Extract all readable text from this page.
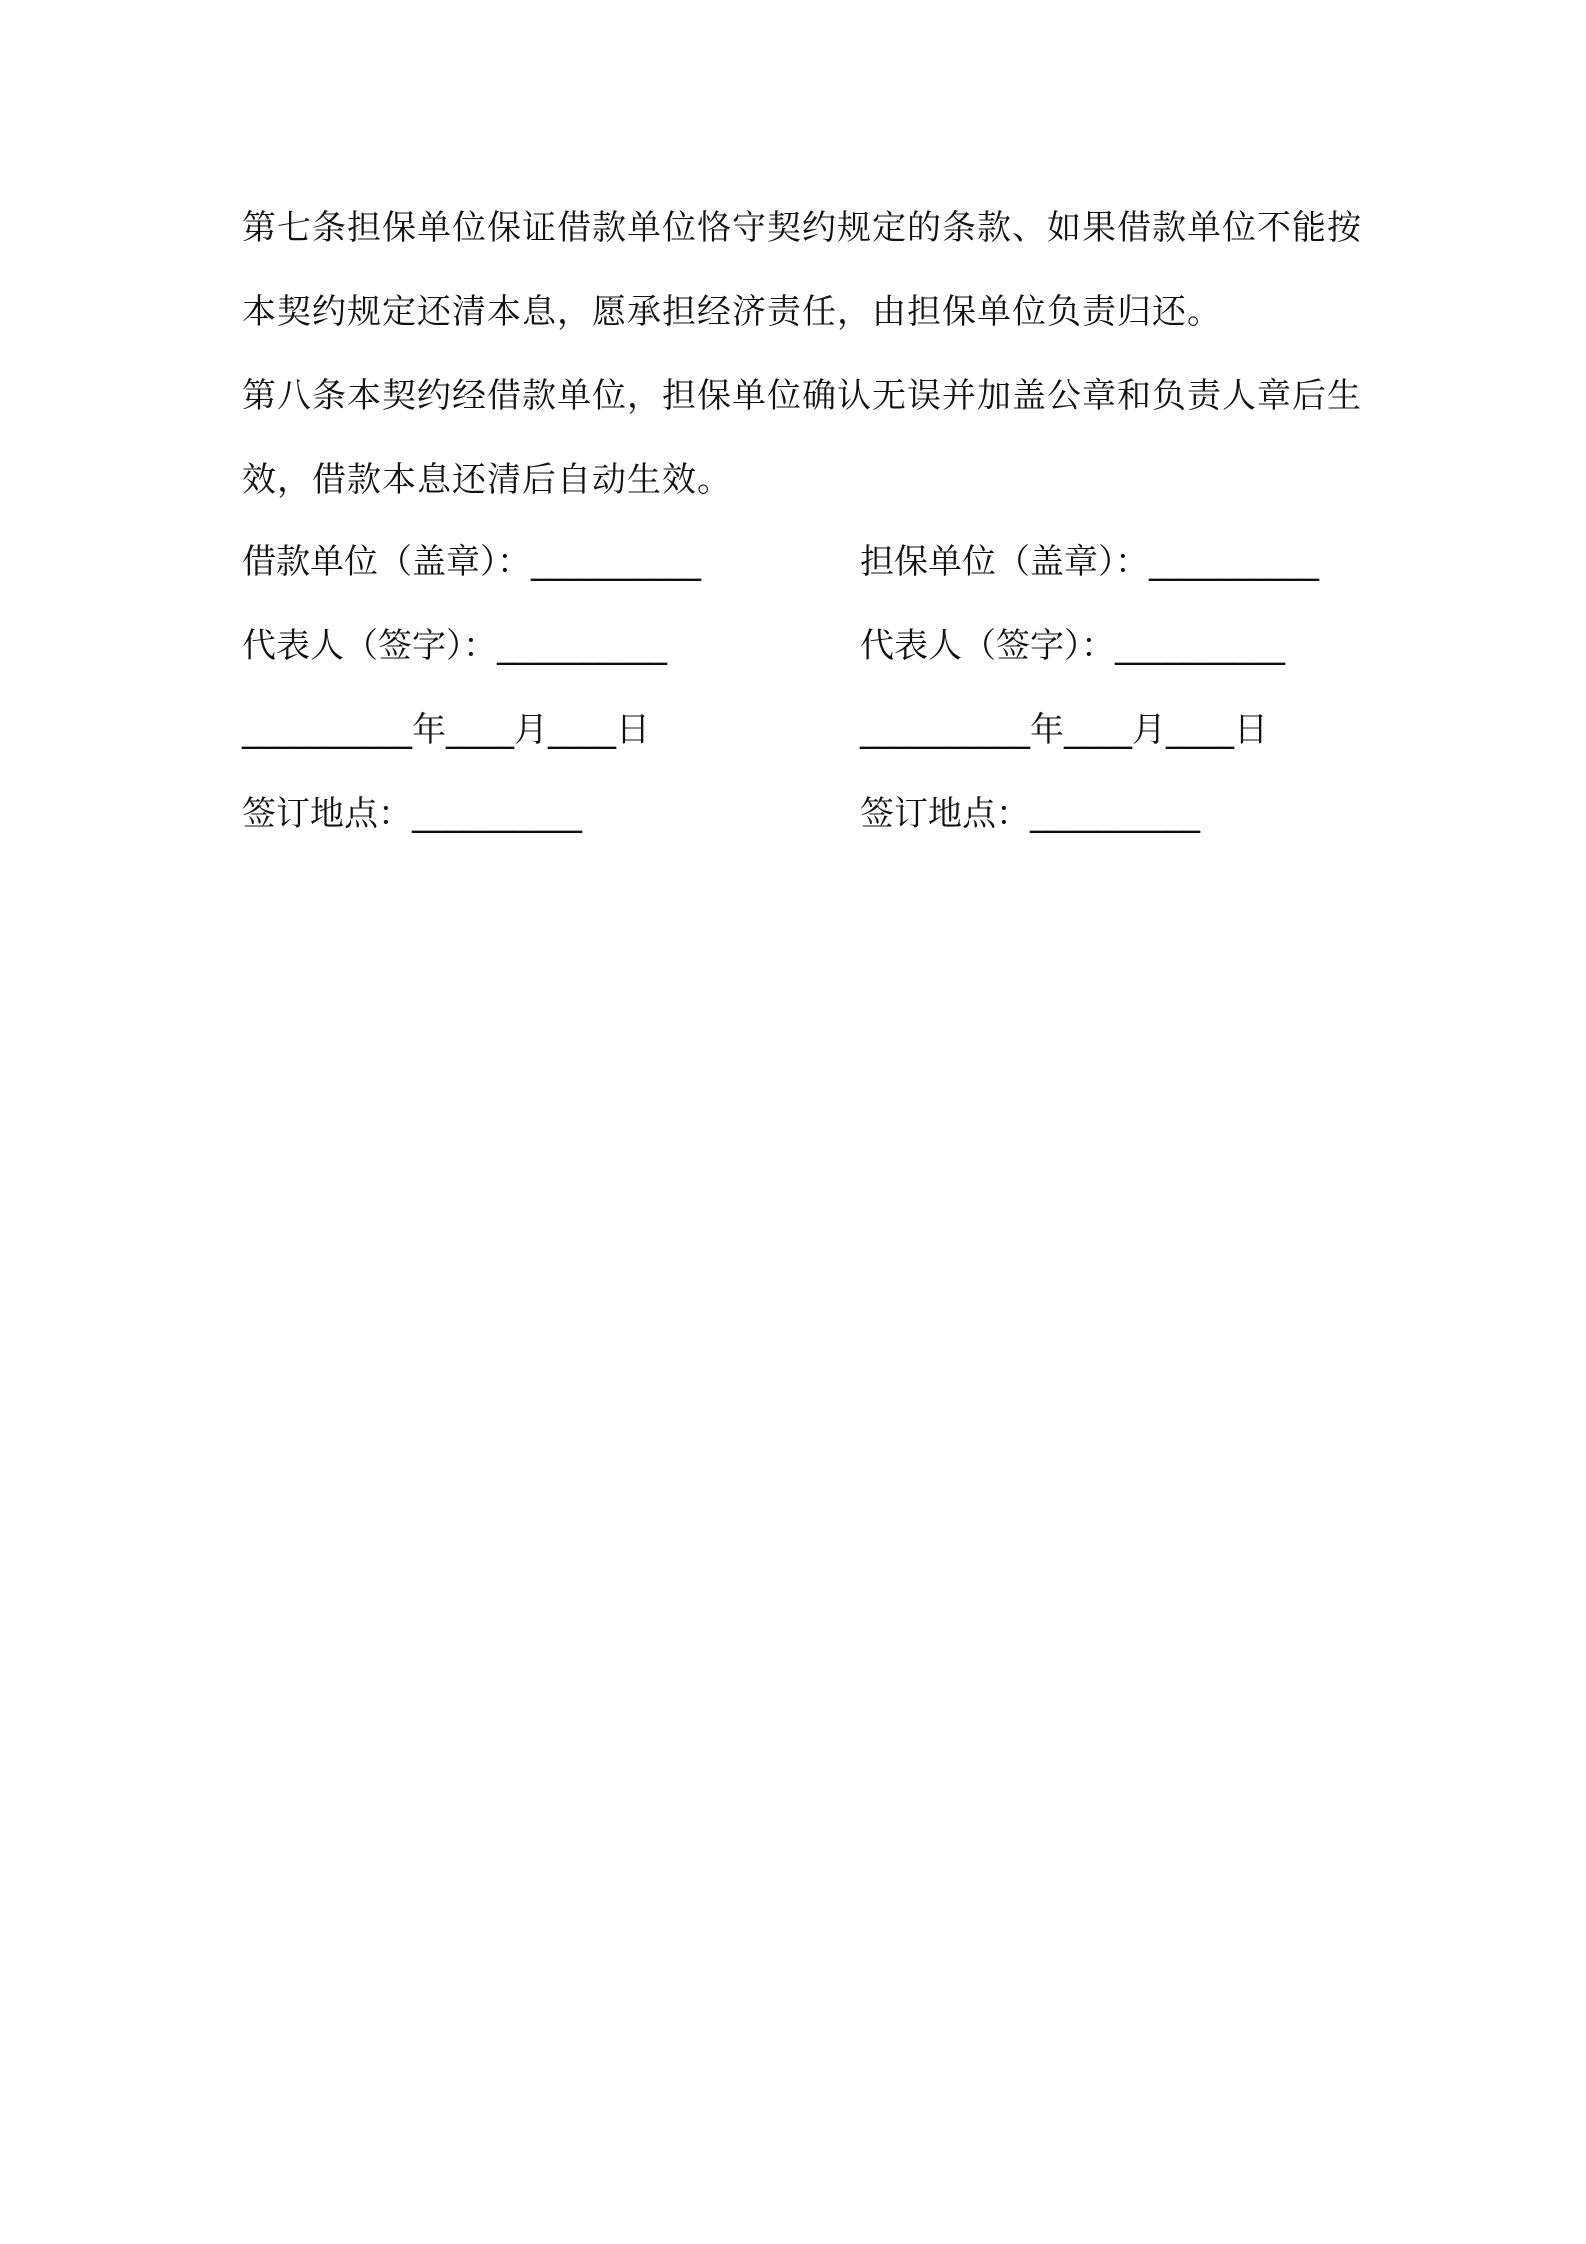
第七条担保单位保证借款单位恪守契约规定的条款、如果借款单位不能按本契约规定还清本息，愿承担经济责任，由担保单位负责归还。

第八条本契约经借款单位，担保单位确认无误并加盖公章和负责人章后生效，借款本息还清后自动生效。

借款单位（盖章）：__________	担保单位（盖章）：__________
代表人（签字）：__________	代表人（签字）：__________
__________年____月____日	__________年____月____日
签订地点：__________	签订地点：__________
